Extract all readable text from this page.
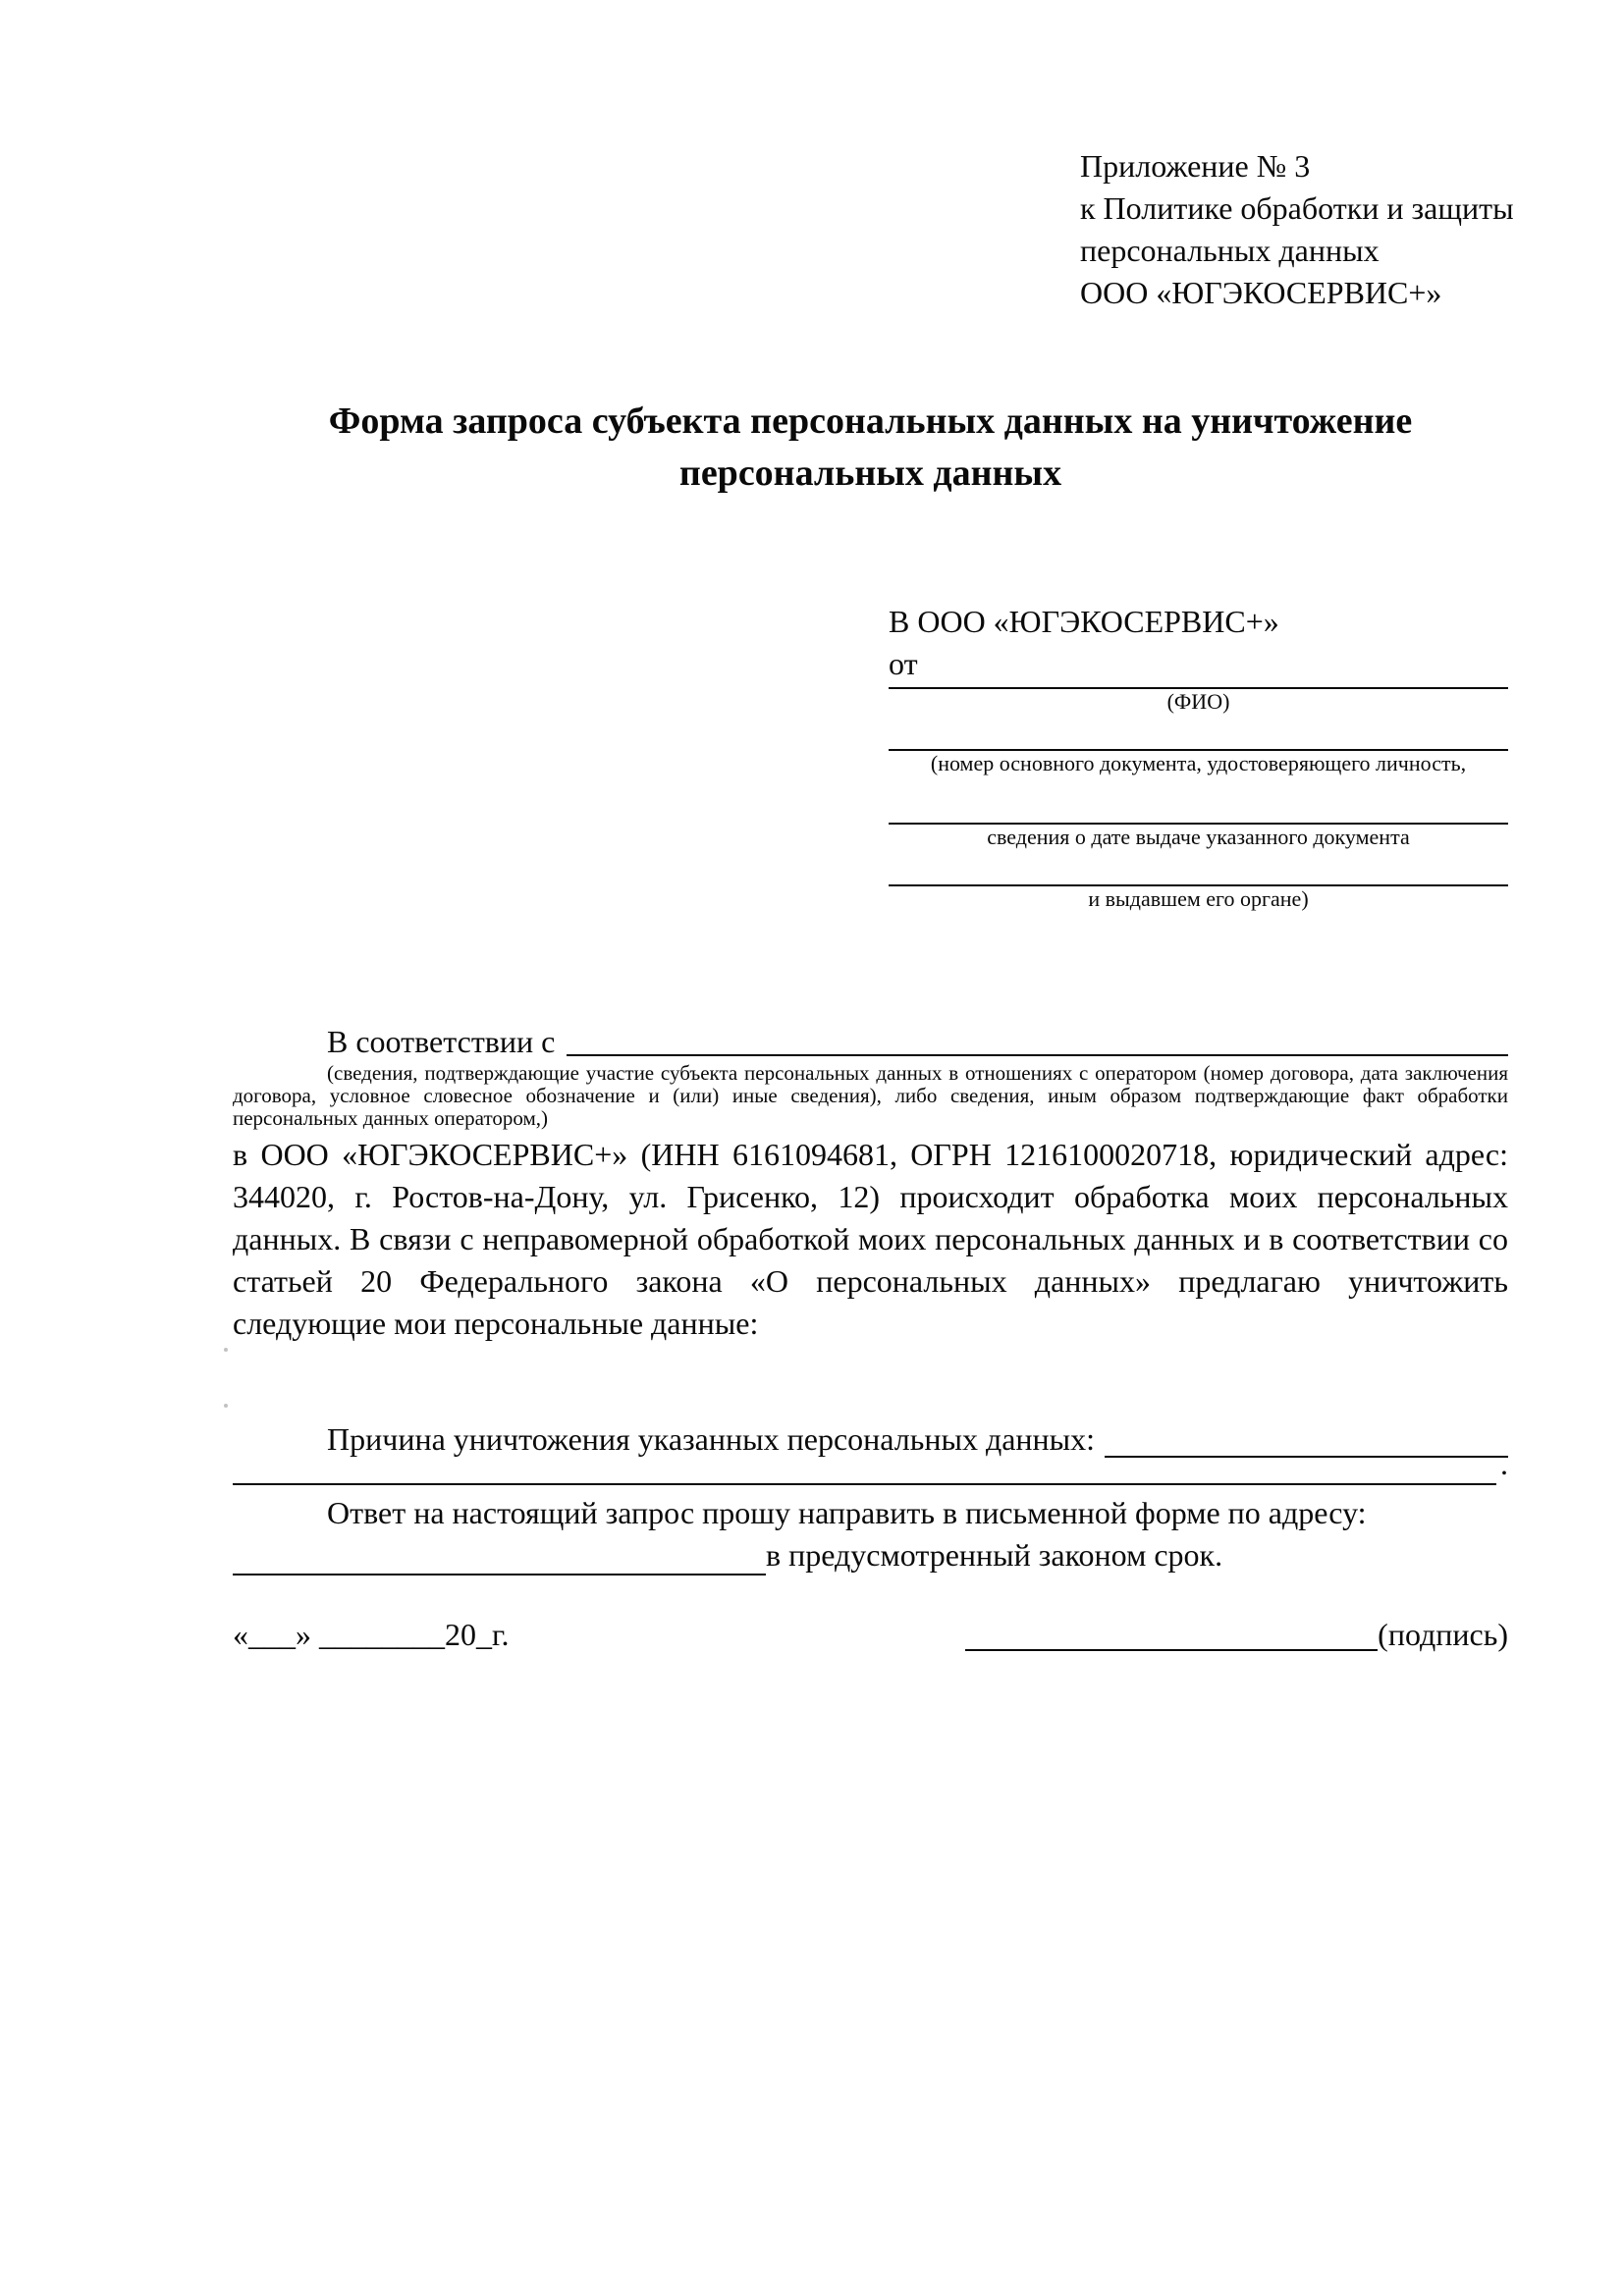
Приложение № 3
к Политике обработки и защиты
персональных данных
ООО «ЮГЭКОСЕРВИС+»
Форма запроса субъекта персональных данных на уничтожение персональных данных
В ООО «ЮГЭКОСЕРВИС+»
от
(ФИО)
(номер основного документа, удостоверяющего личность,
сведения о дате выдаче указанного документа
и выдавшем его органе)
В соответствии с
(сведения, подтверждающие участие субъекта персональных данных в отношениях с оператором (номер договора, дата заключения договора, условное словесное обозначение и (или) иные сведения), либо сведения, иным образом подтверждающие факт обработки персональных данных оператором,)
в ООО «ЮГЭКОСЕРВИС+» (ИНН 6161094681, ОГРН 1216100020718, юридический адрес: 344020, г. Ростов-на-Дону, ул. Грисенко, 12) происходит обработка моих персональных данных. В связи с неправомерной обработкой моих персональных данных и в соответствии со статьей 20 Федерального закона «О персональных данных» предлагаю уничтожить следующие мои персональные данные:
Причина уничтожения указанных персональных данных:
.
Ответ на настоящий запрос прошу направить в письменной форме по адресу:
в предусмотренный законом срок.
«___» ________20_г.	(подпись)
